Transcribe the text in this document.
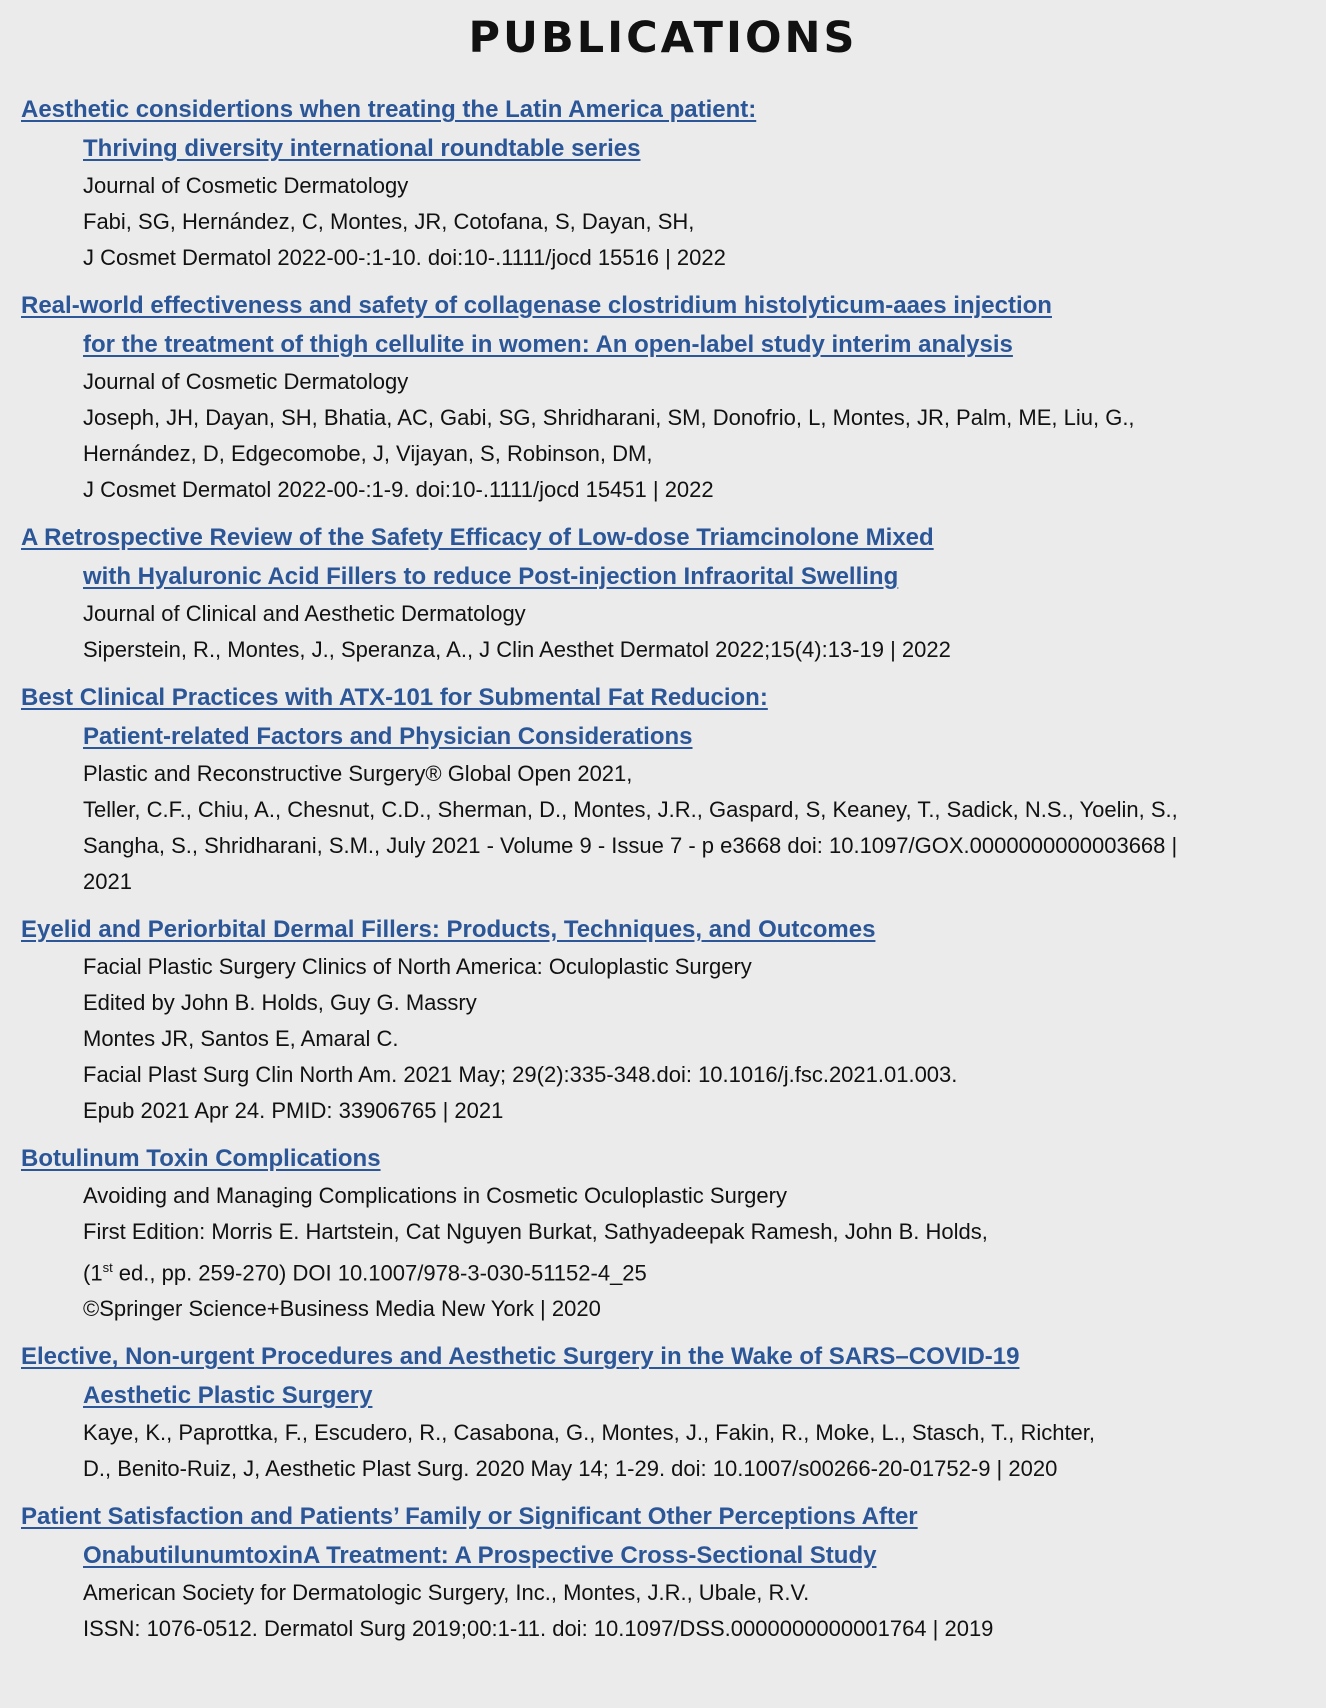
PUBLICATIONS
Aesthetic considertions when treating the Latin America patient:
Thriving diversity international roundtable series

Journal of Cosmetic Dermatology

Fabi, SG, Hernández, C, Montes, JR, Cotofana, S, Dayan, SH,

J Cosmet Dermatol 2022-00-:1-10. doi:10-.1111/jocd 15516 | 2022

Real-world effectiveness and safety of collagenase clostridium histolyticum-aaes injection
for the treatment of thigh cellulite in women: An open-label study interim analysis

Journal of Cosmetic Dermatology

Joseph, JH, Dayan, SH, Bhatia, AC, Gabi, SG, Shridharani, SM, Donofrio, L, Montes, JR, Palm, ME, Liu, G.,

Hernández, D, Edgecomobe, J, Vijayan, S, Robinson, DM,

J Cosmet Dermatol 2022-00-:1-9. doi:10-.1111/jocd 15451 | 2022

A Retrospective Review of the Safety Efficacy of Low-dose Triamcinolone Mixed
with Hyaluronic Acid Fillers to reduce Post-injection Infraorital Swelling

Journal of Clinical and Aesthetic Dermatology

Siperstein, R., Montes, J., Speranza, A., J Clin Aesthet Dermatol 2022;15(4):13-19 | 2022

Best Clinical Practices with ATX-101 for Submental Fat Reducion:
Patient-related Factors and Physician Considerations

Plastic and Reconstructive Surgery® Global Open 2021,

Teller, C.F., Chiu, A., Chesnut, C.D., Sherman, D., Montes, J.R., Gaspard, S, Keaney, T., Sadick, N.S., Yoelin, S.,

Sangha, S., Shridharani, S.M., July 2021 - Volume 9 - Issue 7 - p e3668 doi: 10.1097/GOX.0000000000003668 |

2021

Eyelid and Periorbital Dermal Fillers: Products, Techniques, and Outcomes

Facial Plastic Surgery Clinics of North America: Oculoplastic Surgery

Edited by John B. Holds, Guy G. Massry

Montes JR, Santos E, Amaral C.

Facial Plast Surg Clin North Am. 2021 May; 29(2):335-348.doi: 10.1016/j.fsc.2021.01.003.

Epub 2021 Apr 24. PMID: 33906765 | 2021

Botulinum Toxin Complications

Avoiding and Managing Complications in Cosmetic Oculoplastic Surgery

First Edition: Morris E. Hartstein, Cat Nguyen Burkat, Sathyadeepak Ramesh, John B. Holds,

(1st ed., pp. 259-270) DOI 10.1007/978-3-030-51152-4_25

©Springer Science+Business Media New York | 2020

Elective, Non-urgent Procedures and Aesthetic Surgery in the Wake of SARS–COVID-19
Aesthetic Plastic Surgery

Kaye, K., Paprottka, F., Escudero, R., Casabona, G., Montes, J., Fakin, R., Moke, L., Stasch, T., Richter,

D., Benito-Ruiz, J, Aesthetic Plast Surg. 2020 May 14; 1-29. doi: 10.1007/s00266-20-01752-9 | 2020

Patient Satisfaction and Patients’ Family or Significant Other Perceptions After
OnabutilunumtoxinA Treatment: A Prospective Cross-Sectional Study

American Society for Dermatologic Surgery, Inc., Montes, J.R., Ubale, R.V.

ISSN: 1076-0512. Dermatol Surg 2019;00:1-11. doi: 10.1097/DSS.0000000000001764 | 2019
